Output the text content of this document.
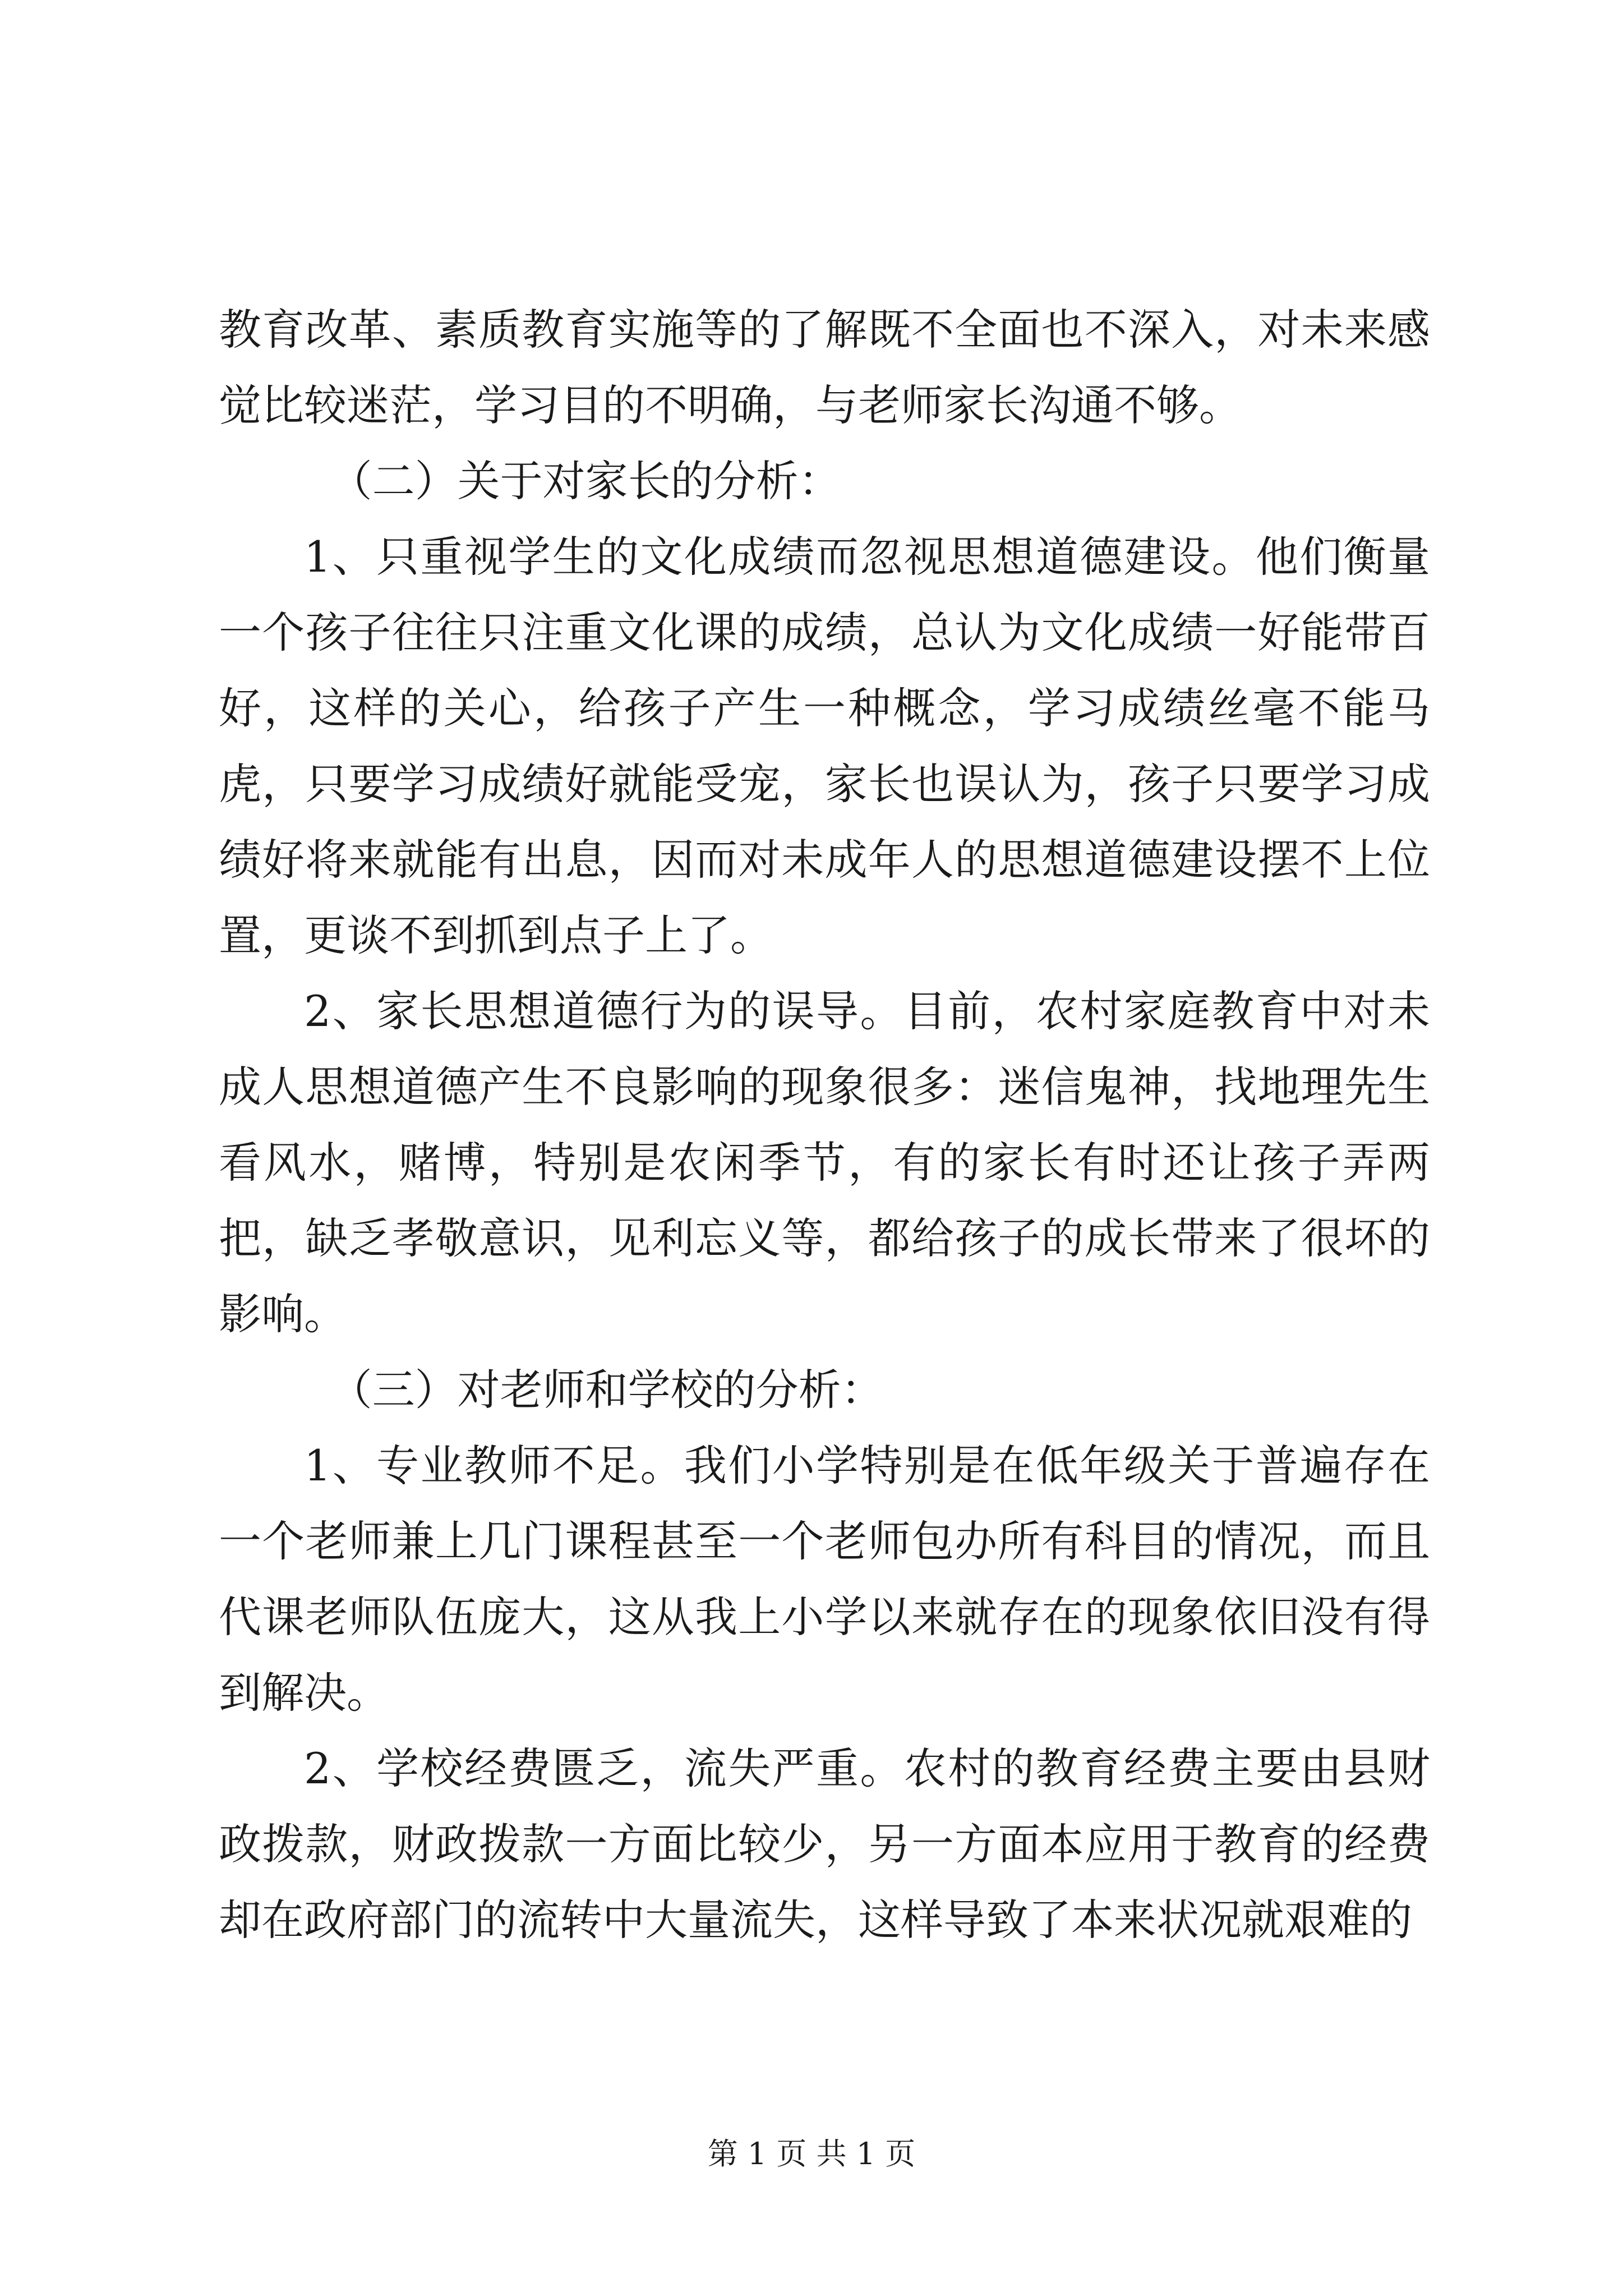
教育改革、素质教育实施等的了解既不全面也不深入，对未来感觉比较迷茫，学习目的不明确，与老师家长沟通不够。

（二）关于对家长的分析：

1、只重视学生的文化成绩而忽视思想道德建设。他们衡量一个孩子往往只注重文化课的成绩，总认为文化成绩一好能带百好，这样的关心，给孩子产生一种概念，学习成绩丝毫不能马虎，只要学习成绩好就能受宠，家长也误认为，孩子只要学习成绩好将来就能有出息，因而对未成年人的思想道德建设摆不上位置，更谈不到抓到点子上了。

2、家长思想道德行为的误导。目前，农村家庭教育中对未成人思想道德产生不良影响的现象很多：迷信鬼神，找地理先生看风水，赌博，特别是农闲季节，有的家长有时还让孩子弄两把，缺乏孝敬意识，见利忘义等，都给孩子的成长带来了很坏的影响。

（三）对老师和学校的分析：

1、专业教师不足。我们小学特别是在低年级关于普遍存在一个老师兼上几门课程甚至一个老师包办所有科目的情况，而且代课老师队伍庞大，这从我上小学以来就存在的现象依旧没有得到解决。

2、学校经费匮乏，流失严重。农村的教育经费主要由县财政拨款，财政拨款一方面比较少，另一方面本应用于教育的经费却在政府部门的流转中大量流失，这样导致了本来状况就艰难的

第 1 页 共 1 页
